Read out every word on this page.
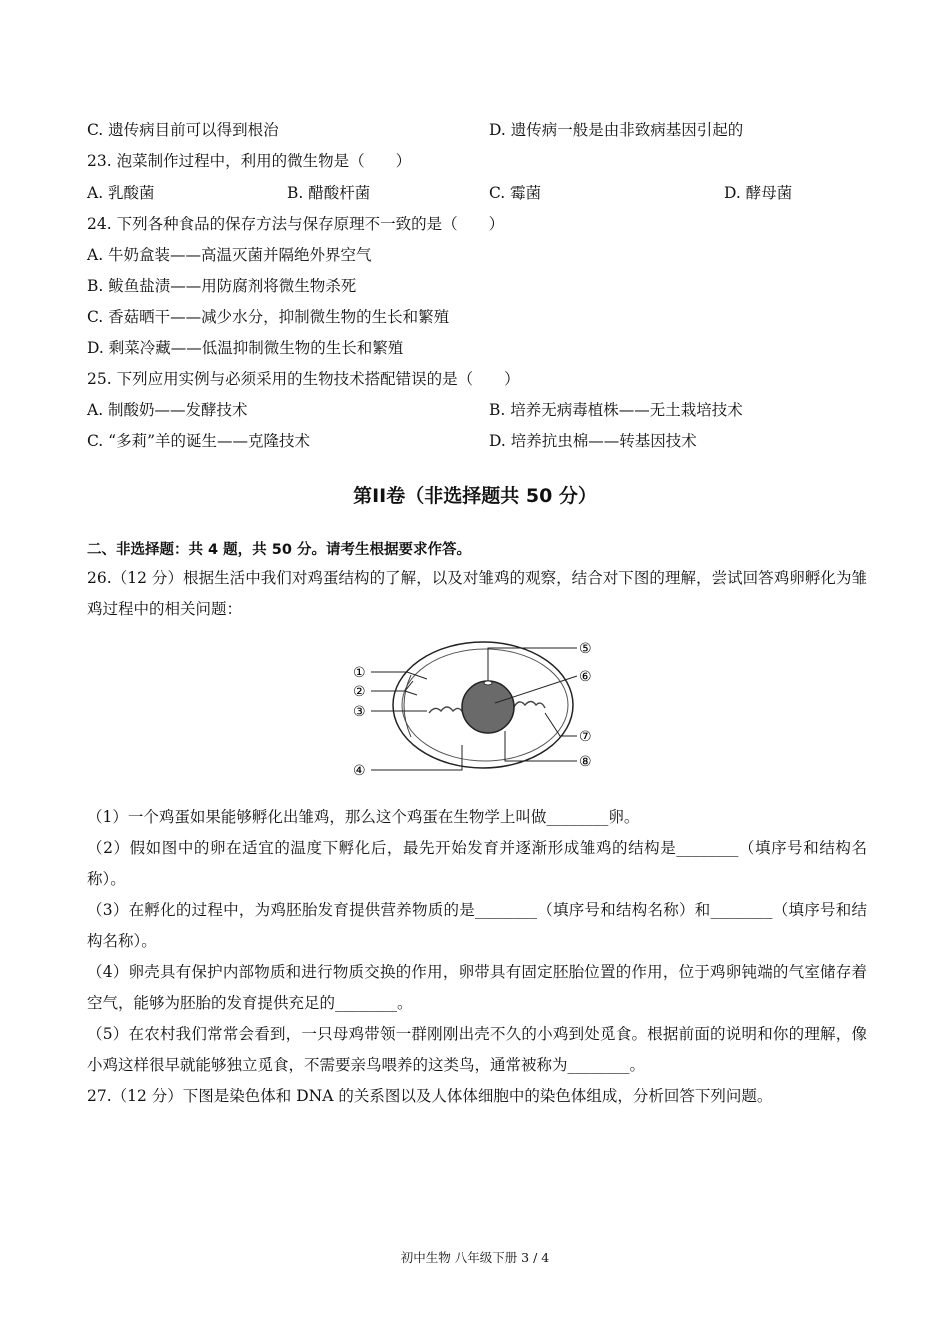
C. 遗传病目前可以得到根治	D. 遗传病一般是由非致病基因引起的
23. 泡菜制作过程中，利用的微生物是（　　）
A. 乳酸菌	B. 醋酸杆菌	C. 霉菌	D. 酵母菌
24. 下列各种食品的保存方法与保存原理不一致的是（　　）
A. 牛奶盒装——高温灭菌并隔绝外界空气
B. 鲅鱼盐渍——用防腐剂将微生物杀死
C. 香菇晒干——减少水分，抑制微生物的生长和繁殖
D. 剩菜冷藏——低温抑制微生物的生长和繁殖
25. 下列应用实例与必须采用的生物技术搭配错误的是（　　）
A. 制酸奶——发酵技术	B. 培养无病毒植株——无土栽培技术
C. “多莉”羊的诞生——克隆技术	D. 培养抗虫棉——转基因技术
第II卷（非选择题共 50 分）
二、非选择题：共 4 题，共 50 分。请考生根据要求作答。
26.（12 分）根据生活中我们对鸡蛋结构的了解，以及对雏鸡的观察，结合对下图的理解，尝试回答鸡卵孵化为雏鸡过程中的相关问题：
①
②
③
④
⑤
⑥
⑦
⑧
（1）一个鸡蛋如果能够孵化出雏鸡，那么这个鸡蛋在生物学上叫做________卵。
（2）假如图中的卵在适宜的温度下孵化后，最先开始发育并逐渐形成雏鸡的结构是________（填序号和结构名称）。
（3）在孵化的过程中，为鸡胚胎发育提供营养物质的是________（填序号和结构名称）和________（填序号和结构名称）。
（4）卵壳具有保护内部物质和进行物质交换的作用，卵带具有固定胚胎位置的作用，位于鸡卵钝端的气室储存着空气，能够为胚胎的发育提供充足的________。
（5）在农村我们常常会看到，一只母鸡带领一群刚刚出壳不久的小鸡到处觅食。根据前面的说明和你的理解，像小鸡这样很早就能够独立觅食，不需要亲鸟喂养的这类鸟，通常被称为________。
27.（12 分）下图是染色体和 DNA 的关系图以及人体体细胞中的染色体组成，分析回答下列问题。
初中生物 八年级下册 3 / 4
